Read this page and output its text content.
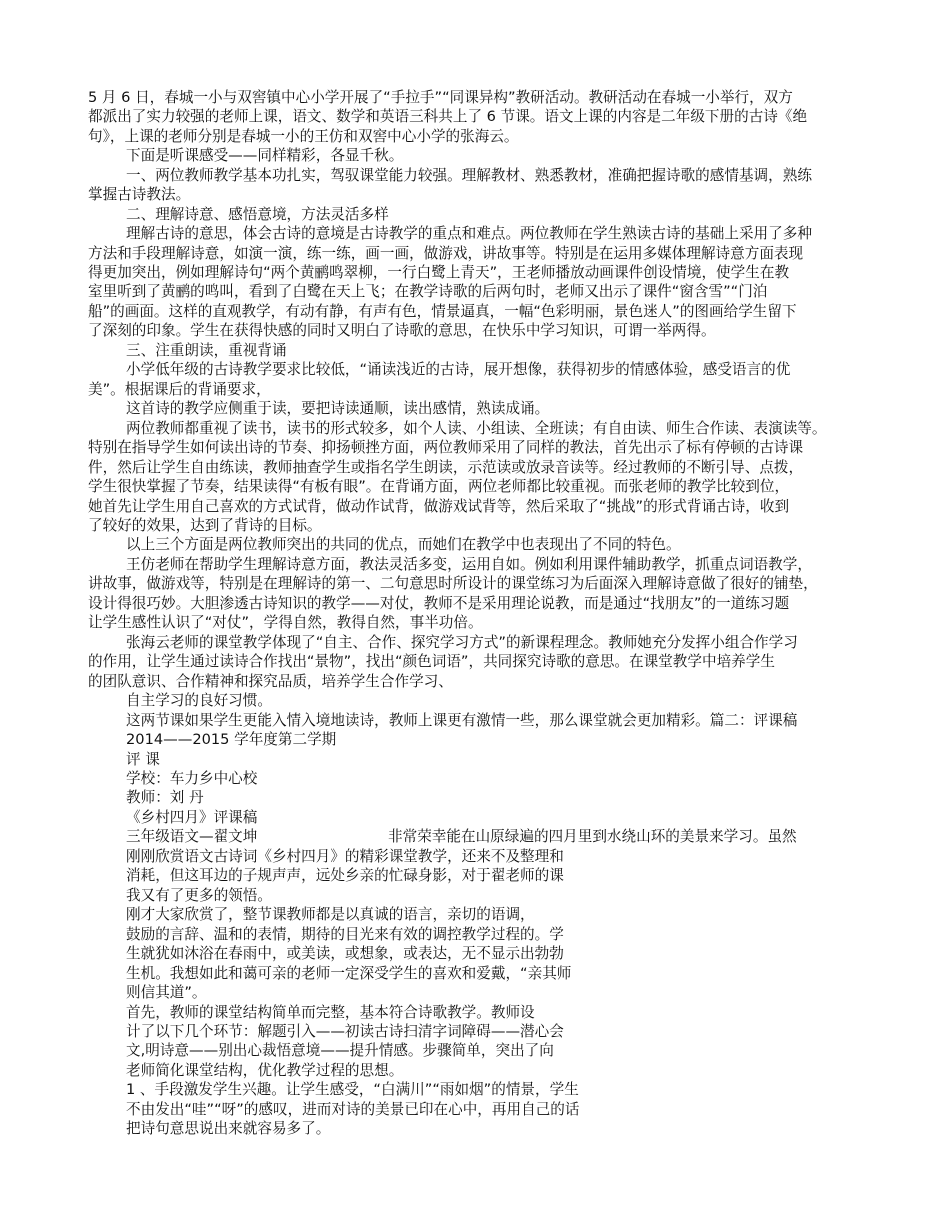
5 月 6 日，春城一小与双窖镇中心小学开展了“手拉手”“同课异构”教研活动。教研活动在春城一小举行，双方
都派出了实力较强的老师上课，语文、数学和英语三科共上了 6 节课。语文上课的内容是二年级下册的古诗《绝
句》，上课的老师分别是春城一小的王仿和双窖中心小学的张海云。
下面是听课感受——同样精彩，各显千秋。
一、两位教师教学基本功扎实，驾驭课堂能力较强。理解教材、熟悉教材，准确把握诗歌的感情基调，熟练
掌握古诗教法。
二、理解诗意、感悟意境，方法灵活多样
理解古诗的意思，体会古诗的意境是古诗教学的重点和难点。两位教师在学生熟读古诗的基础上采用了多种
方法和手段理解诗意，如演一演，练一练，画一画，做游戏，讲故事等。特别是在运用多媒体理解诗意方面表现
得更加突出，例如理解诗句“两个黄鹂鸣翠柳，一行白鹭上青天”，王老师播放动画课件创设情境，使学生在教
室里听到了黄鹂的鸣叫，看到了白鹭在天上飞；在教学诗歌的后两句时，老师又出示了课件“窗含雪”“门泊
船”的画面。这样的直观教学，有动有静，有声有色，情景逼真，一幅“色彩明丽，景色迷人”的图画给学生留下
了深刻的印象。学生在获得快感的同时又明白了诗歌的意思，在快乐中学习知识，可谓一举两得。
三、注重朗读，重视背诵
小学低年级的古诗教学要求比较低，“诵读浅近的古诗，展开想像，获得初步的情感体验，感受语言的优
美”。根据课后的背诵要求，
这首诗的教学应侧重于读，要把诗读通顺，读出感情，熟读成诵。
两位教师都重视了读书，读书的形式较多，如个人读、小组读、全班读；有自由读、师生合作读、表演读等。
特别在指导学生如何读出诗的节奏、抑扬顿挫方面，两位教师采用了同样的教法，首先出示了标有停顿的古诗课
件，然后让学生自由练读，教师抽查学生或指名学生朗读，示范读或放录音读等。经过教师的不断引导、点拨，
学生很快掌握了节奏，结果读得“有板有眼”。在背诵方面，两位老师都比较重视。而张老师的教学比较到位，
她首先让学生用自己喜欢的方式试背，做动作试背，做游戏试背等，然后采取了“挑战”的形式背诵古诗，收到
了较好的效果，达到了背诗的目标。
以上三个方面是两位教师突出的共同的优点，而她们在教学中也表现出了不同的特色。
王仿老师在帮助学生理解诗意方面，教法灵活多变，运用自如。例如利用课件辅助教学，抓重点词语教学，
讲故事，做游戏等，特别是在理解诗的第一、二句意思时所设计的课堂练习为后面深入理解诗意做了很好的铺垫，
设计得很巧妙。大胆渗透古诗知识的教学——对仗，教师不是采用理论说教，而是通过“找朋友”的一道练习题
让学生感性认识了“对仗”，学得自然，教得自然，事半功倍。
张海云老师的课堂教学体现了“自主、合作、探究学习方式”的新课程理念。教师她充分发挥小组合作学习
的作用，让学生通过读诗合作找出“景物”，找出“颜色词语”，共同探究诗歌的意思。在课堂教学中培养学生
的团队意识、合作精神和探究品质，培养学生合作学习、
自主学习的良好习惯。
这两节课如果学生更能入情入境地读诗，教师上课更有激情一些，那么课堂就会更加精彩。篇二：评课稿
2014——2015 学年度第二学期
评 课
学校：车力乡中心校
教师：刘 丹
《乡村四月》评课稿
三年级语文—翟文坤	非常荣幸能在山原绿遍的四月里到水绕山环的美景来学习。虽然
刚刚欣赏语文古诗词《乡村四月》的精彩课堂教学，还来不及整理和
消耗，但这耳边的子规声声，远处乡亲的忙碌身影，对于翟老师的课
我又有了更多的领悟。
刚才大家欣赏了，整节课教师都是以真诚的语言，亲切的语调，
鼓励的言辞、温和的表情，期待的目光来有效的调控教学过程的。学
生就犹如沐浴在春雨中，或美读，或想象，或表达，无不显示出勃勃
生机。我想如此和蔼可亲的老师一定深受学生的喜欢和爱戴，“亲其师
则信其道”。
首先，教师的课堂结构简单而完整，基本符合诗歌教学。教师设
计了以下几个环节：解题引入——初读古诗扫清字词障碍——潜心会
文,明诗意——别出心裁悟意境——提升情感。步骤简单，突出了向
老师简化课堂结构，优化教学过程的思想。
1 、手段激发学生兴趣。让学生感受，“白满川”“雨如烟”的情景，学生
不由发出“哇”“呀”的感叹，进而对诗的美景已印在心中，再用自己的话
把诗句意思说出来就容易多了。
